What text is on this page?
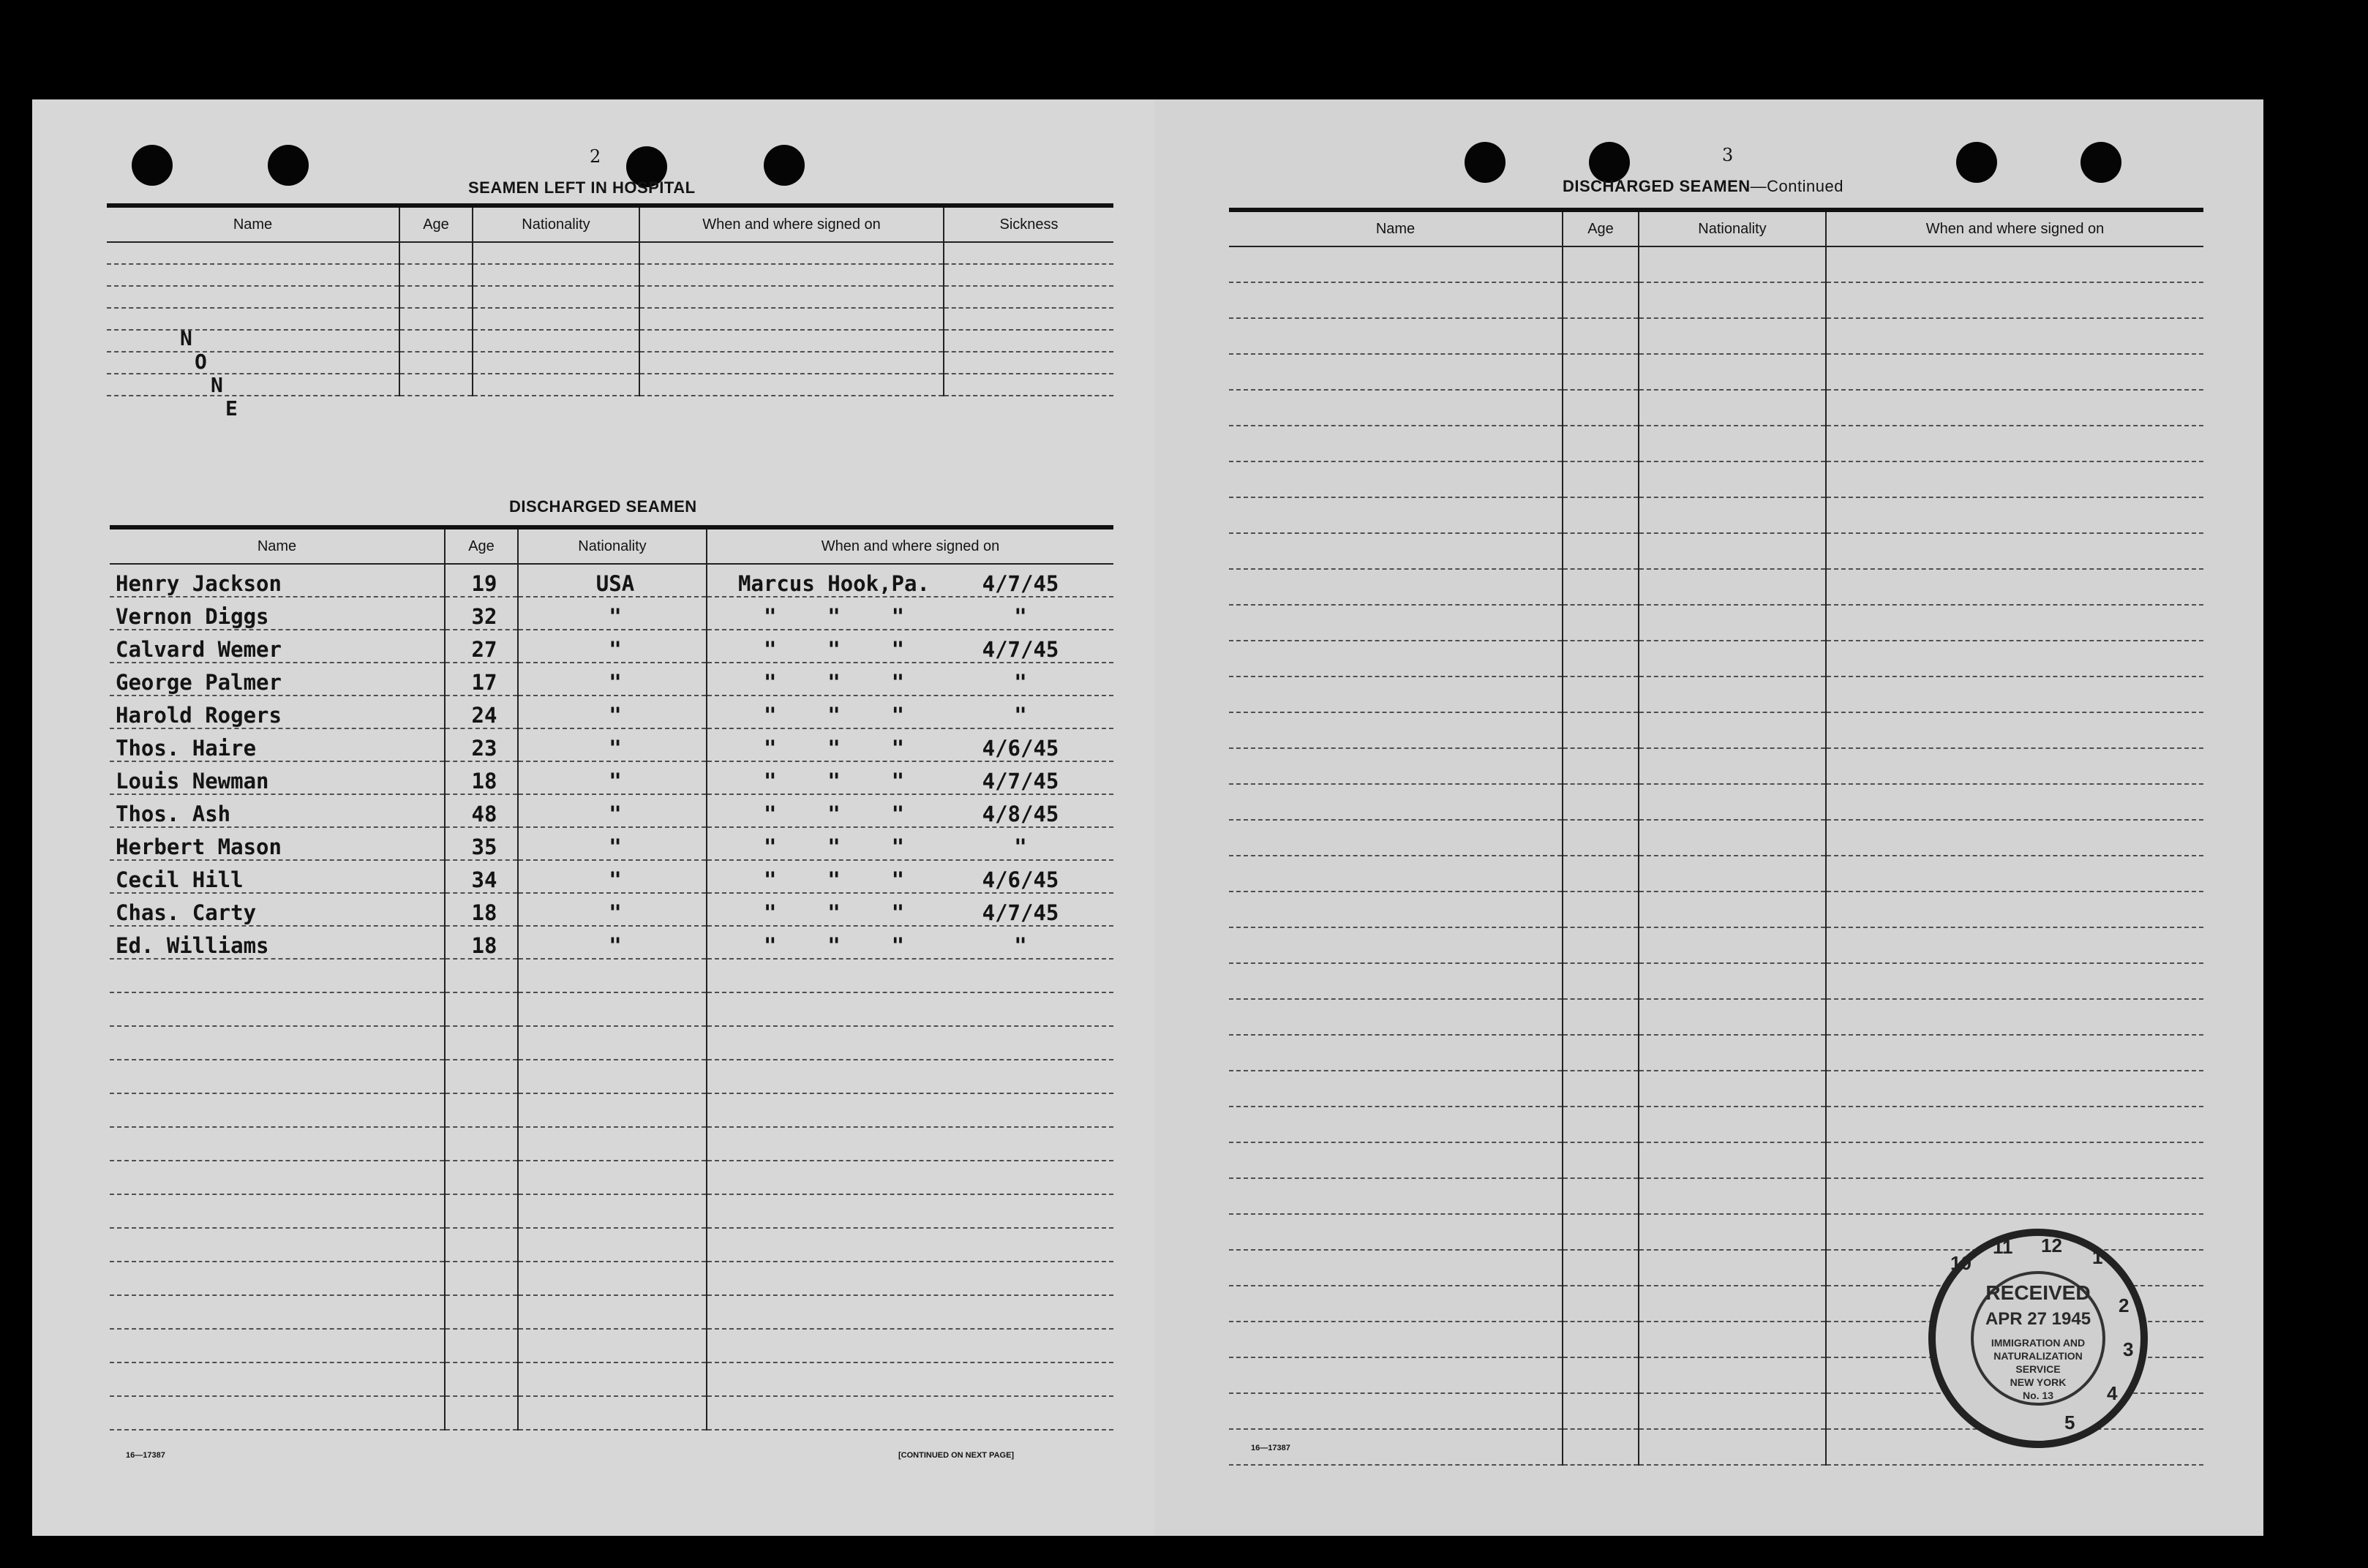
2
SEAMEN LEFT IN HOSPITAL
Name	Age	Nationality	When and where signed on	Sickness

N
O
N
E
DISCHARGED SEAMEN
Name	Age	Nationality	When and where signed on
Henry Jackson	19	USA	Marcus Hook,Pa. 4/7/45
Vernon Diggs	32	"	"    "    " "
Calvard Wemer	27	"	"    "    " 4/7/45
George Palmer	17	"	"    "    " "
Harold Rogers	24	"	"    "    " "
Thos. Haire	23	"	"    "    " 4/6/45
Louis Newman	18	"	"    "    " 4/7/45
Thos. Ash	48	"	"    "    " 4/8/45
Herbert Mason	35	"	"    "    " "
Cecil Hill	34	"	"    "    " 4/6/45
Chas. Carty	18	"	"    "    " 4/7/45
Ed. Williams	18	"	"    "    " "

16—17387	[CONTINUED ON NEXT PAGE]
3
DISCHARGED SEAMEN—Continued
Name	Age	Nationality	When and where signed on

16—17387
RECEIVED
APR 27 1945
IMMIGRATION AND
NATURALIZATION
SERVICE
NEW YORK
No. 13
10
11 12
1
2
3
4
5
